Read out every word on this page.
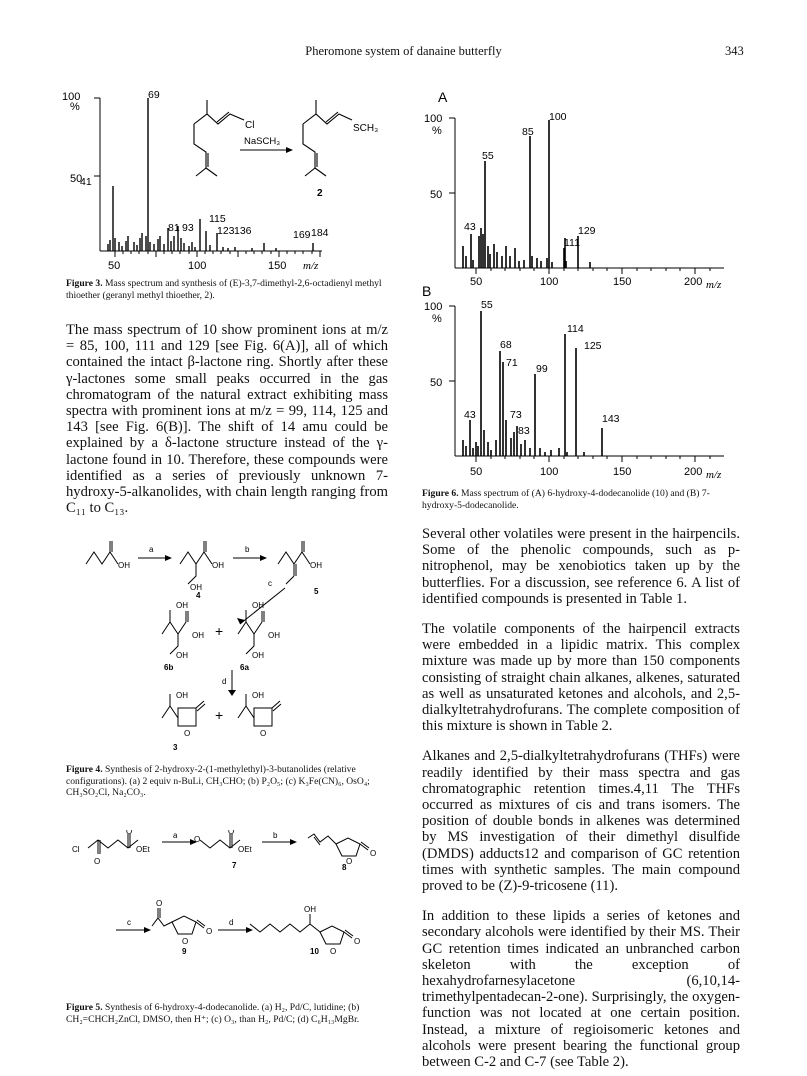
Pheromone system of danaine butterfly	343
100
%
50
69
41
81 93
115
123 136	169 184
50	100	150 m/z
Cl
NaSCH₃
SCH₃
2
Figure 3. Mass spectrum and synthesis of (E)-3,7-dimethyl-2,6-octadienyl methyl thioether (geranyl methyl thioether, 2).

The mass spectrum of 10 show prominent ions at m/z = 85, 100, 111 and 129 [see Fig. 6(A)], all of which contained the intact β-lactone ring. Shortly after these γ-lactones some small peaks occurred in the gas chromatogram of the natural extract exhibiting mass spectra with prominent ions at m/z = 99, 114, 125 and 143 [see Fig. 6(B)]. The shift of 14 amu could be explained by a δ-lactone structure instead of the γ-lactone found in 10. Therefore, these compounds were identified as a series of previously unknown 7-hydroxy-5-alkanolides, with chain length ranging from C₁₁ to C₁₃.

a	b
c
d
OH	OH	OH
OH
OH
OH
OH
OH
OH
OH
OH	OH
O	O
4	5
6b	6a
3
+
+
Figure 4. Synthesis of 2-hydroxy-2-(1-methylethyl)-3-butanolides (relative configurations). (a) 2 equiv n-BuLi, CH₃CHO; (b) P₂O₅; (c) K₃Fe(CN)₆, OsO₄; CH₃SO₂Cl, Na₂CO₃.
Cl	OEt	OEt
O
O
O
O
O
O
O
O
O
O
O
OH
a	b
c	d
7	8
9	10
Figure 5. Synthesis of 6-hydroxy-4-dodecanolide. (a) H₂, Pd/C, lutidine; (b) CH₂=CHCH₂ZnCl, DMSO, then H⁺; (c) O₃, than H₂, Pd/C; (d) C₆H₁₃MgBr.
A
B
100
%
50
100
%
50
100
85
55
43	129
111
50	100	150	200 m/z
55
114
68	125
71 99
43	73	143
83
50	100	150	200 m/z
Figure 6. Mass spectrum of (A) 6-hydroxy-4-dodecanolide (10) and (B) 7-hydroxy-5-dodecanolide.

Several other volatiles were present in the hairpencils. Some of the phenolic compounds, such as p-nitrophenol, may be xenobiotics taken up by the butterflies. For a discussion, see reference 6. A list of identified compounds is presented in Table 1.

The volatile components of the hairpencil extracts were embedded in a lipidic matrix. This complex mixture was made up by more than 150 components consisting of straight chain alkanes, alkenes, saturated as well as unsaturated ketones and alcohols, and 2,5-dialkyltetrahydrofurans. The complete composition of this mixture is shown in Table 2.

Alkanes and 2,5-dialkyltetrahydrofurans (THFs) were readily identified by their mass spectra and gas chromatographic retention times.4,11 The THFs occurred as mixtures of cis and trans isomers. The position of double bonds in alkenes was determined by MS investigation of their dimethyl disulfide (DMDS) adducts12 and comparison of GC retention times with synthetic samples. The main compound proved to be (Z)-9-tricosene (11).

In addition to these lipids a series of ketones and secondary alcohols were identified by their MS. Their GC retention times indicated an unbranched carbon skeleton with the exception of hexahydrofarnesylacetone (6,10,14-trimethylpentadecan-2-one). Surprisingly, the oxygen-function was not located at one certain position. Instead, a mixture of regioisomeric ketones and alcohols were present bearing the functional group between C-2 and C-7 (see Table 2).
